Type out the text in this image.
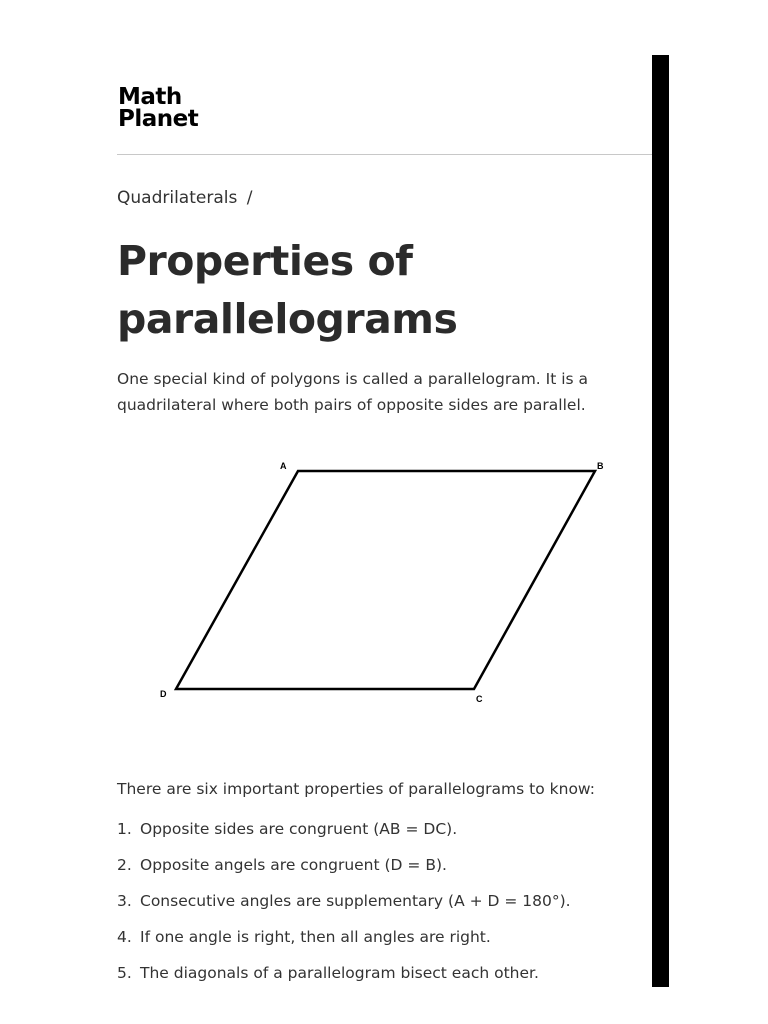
Math
Planet
Quadrilaterals /
Properties of parallelograms

One special kind of polygons is called a parallelogram. It is a quadrilateral where both pairs of opposite sides are parallel.

A	B
C
D

There are six important properties of parallelograms to know:

1. Opposite sides are congruent (AB = DC).
2. Opposite angels are congruent (D = B).
3. Consecutive angles are supplementary (A + D = 180°).
4. If one angle is right, then all angles are right.
5. The diagonals of a parallelogram bisect each other.
